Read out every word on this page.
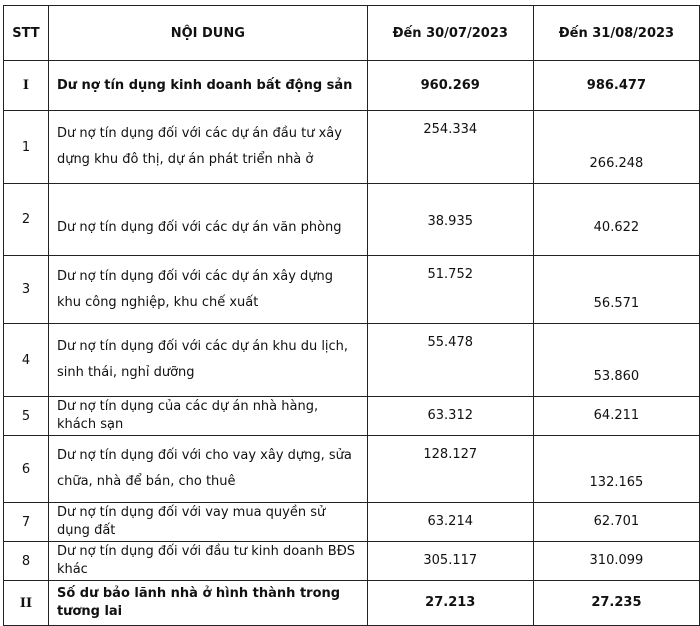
STT	NỘI DUNG	Đến 30/07/2023	Đến 31/08/2023
I	Dư nợ tín dụng kinh doanh bất động sản	960.269	986.477
1	Dư nợ tín dụng đối với các dự án đầu tư xây dựng khu đô thị, dự án phát triển nhà ở	254.334	266.248
2	Dư nợ tín dụng đối với các dự án văn phòng	38.935	40.622
3	Dư nợ tín dụng đối với các dự án xây dựng khu công nghiệp, khu chế xuất	51.752	56.571
4	Dư nợ tín dụng đối với các dự án khu du lịch, sinh thái, nghỉ dưỡng	55.478	53.860
5	Dư nợ tín dụng của các dự án nhà hàng, khách sạn	63.312	64.211
6	Dư nợ tín dụng đối với cho vay xây dựng, sửa chữa, nhà để bán, cho thuê	128.127	132.165
7	Dư nợ tín dụng đối với vay mua quyền sử dụng đất	63.214	62.701
8	Dư nợ tín dụng đối với đầu tư kinh doanh BĐS khác	305.117	310.099
II	Số dư bảo lãnh nhà ở hình thành trong tương lai	27.213	27.235
